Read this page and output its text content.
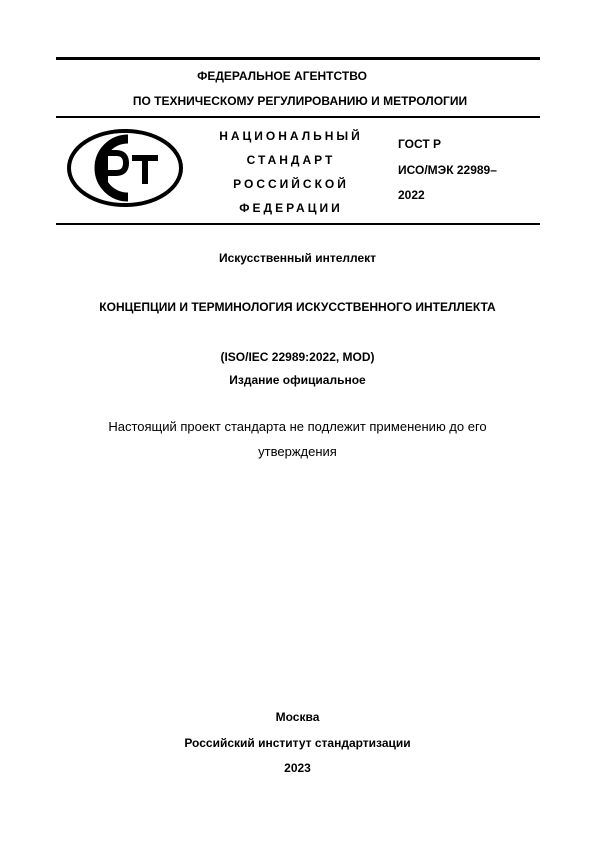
ФЕДЕРАЛЬНОЕ АГЕНТСТВО
ПО ТЕХНИЧЕСКОМУ РЕГУЛИРОВАНИЮ И МЕТРОЛОГИИ
НАЦИОНАЛЬНЫЙ
СТАНДАРТ
РОССИЙСКОЙ
ФЕДЕРАЦИИ
ГОСТ Р
ИСО/МЭК 22989–
2022
Искусственный интеллект
КОНЦЕПЦИИ И ТЕРМИНОЛОГИЯ ИСКУССТВЕННОГО ИНТЕЛЛЕКТА
(ISO/IEC 22989:2022, MOD)
Издание официальное
Настоящий проект стандарта не подлежит применению до его
утверждения
Москва
Российский институт стандартизации
2023
